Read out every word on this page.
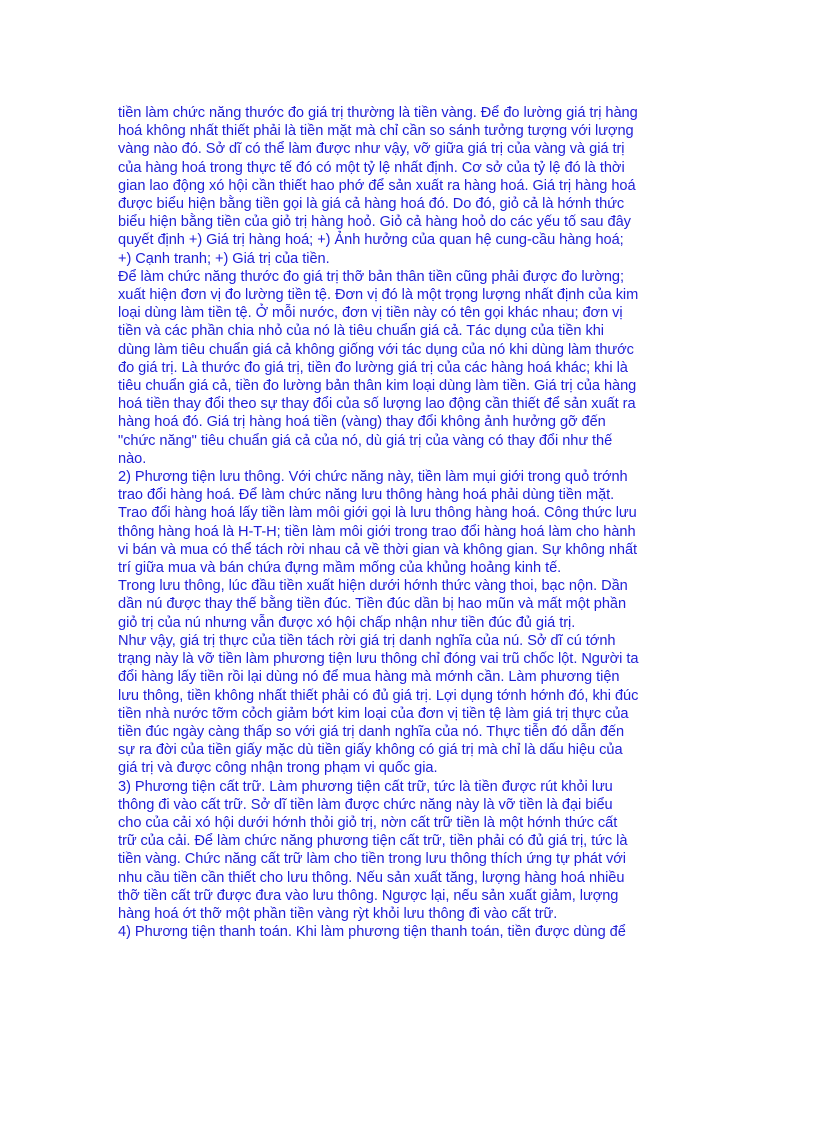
tiền làm chức năng thước đo giá trị thường là tiền vàng. Để đo lường giá trị hàng
hoá không nhất thiết phải là tiền mặt mà chỉ cần so sánh tưởng tượng với lượng
vàng nào đó. Sở dĩ có thể làm được như vậy, vỡ giữa giá trị của vàng và giá trị
của hàng hoá trong thực tế đó có một tỷ lệ nhất định. Cơ sở của tỷ lệ đó là thời
gian lao động xó hội cần thiết hao phớ để sản xuất ra hàng hoá. Giá trị hàng hoá
được biểu hiện bằng tiền gọi là giá cả hàng hoá đó. Do đó, giỏ cả là hớnh thức
biểu hiện bằng tiền của giỏ trị hàng hoỏ. Giỏ cả hàng hoỏ do các yếu tố sau đây
quyết định +) Giá trị hàng hoá; +) Ảnh hưởng của quan hệ cung-cầu hàng hoá;
+) Cạnh tranh; +) Giá trị của tiền.
Để làm chức năng thước đo giá trị thỡ bản thân tiền cũng phải được đo lường;
xuất hiện đơn vị đo lường tiền tệ. Đơn vị đó là một trọng lượng nhất định của kim
loại dùng làm tiền tệ. Ở mỗi nước, đơn vị tiền này có tên gọi khác nhau; đơn vị
tiền và các phần chia nhỏ của nó là tiêu chuẩn giá cả. Tác dụng của tiền khi
dùng làm tiêu chuẩn giá cả không giống với tác dụng của nó khi dùng làm thước
đo giá trị. Là thước đo giá trị, tiền đo lường giá trị của các hàng hoá khác; khi là
tiêu chuẩn giá cả, tiền đo lường bản thân kim loại dùng làm tiền. Giá trị của hàng
hoá tiền thay đổi theo sự thay đổi của số lượng lao động cần thiết để sản xuất ra
hàng hoá đó. Giá trị hàng hoá tiền (vàng) thay đổi không ảnh hưởng gỡ đến
"chức năng" tiêu chuẩn giá cả của nó, dù giá trị của vàng có thay đổi như thế
nào.
2) Phương tiện lưu thông. Với chức năng này, tiền làm mụi giới trong quỏ trớnh
trao đổi hàng hoá. Để làm chức năng lưu thông hàng hoá phải dùng tiền mặt.
Trao đổi hàng hoá lấy tiền làm môi giới gọi là lưu thông hàng hoá. Công thức lưu
thông hàng hoá là H-T-H; tiền làm môi giới trong trao đổi hàng hoá làm cho hành
vi bán và mua có thể tách rời nhau cả về thời gian và không gian. Sự không nhất
trí giữa mua và bán chứa đựng mầm mống của khủng hoảng kinh tế.
Trong lưu thông, lúc đầu tiền xuất hiện dưới hớnh thức vàng thoi, bạc nộn. Dần
dần nú được thay thế bằng tiền đúc. Tiền đúc dần bị hao mũn và mất một phần
giỏ trị của nú nhưng vẫn được xó hội chấp nhận như tiền đúc đủ giá trị.
Như vậy, giá trị thực của tiền tách rời giá trị danh nghĩa của nú. Sở dĩ cú tớnh
trạng này là vỡ tiền làm phương tiện lưu thông chỉ đóng vai trũ chốc lột. Người ta
đổi hàng lấy tiền rồi lại dùng nó để mua hàng mà mớnh cần. Làm phương tiện
lưu thông, tiền không nhất thiết phải có đủ giá trị. Lợi dụng tớnh hớnh đó, khi đúc
tiền nhà nước tỡm cỏch giảm bớt kim loại của đơn vị tiền tệ làm giá trị thực của
tiền đúc ngày càng thấp so với giá trị danh nghĩa của nó. Thực tiễn đó dẫn đến
sự ra đời của tiền giấy mặc dù tiền giấy không có giá trị mà chỉ là dấu hiệu của
giá trị và được công nhận trong phạm vi quốc gia.
3) Phương tiện cất trữ. Làm phương tiện cất trữ, tức là tiền được rút khỏi lưu
thông đi vào cất trữ. Sở dĩ tiền làm được chức năng này là vỡ tiền là đại biểu
cho của cải xó hội dưới hớnh thỏi giỏ trị, nờn cất trữ tiền là một hớnh thức cất
trữ của cải. Để làm chức năng phương tiện cất trữ, tiền phải có đủ giá trị, tức là
tiền vàng. Chức năng cất trữ làm cho tiền trong lưu thông thích ứng tự phát với
nhu cầu tiền cần thiết cho lưu thông. Nếu sản xuất tăng, lượng hàng hoá nhiều
thỡ tiền cất trữ được đưa vào lưu thông. Ngược lại, nếu sản xuất giảm, lượng
hàng hoá ớt thỡ một phần tiền vàng rỳt khỏi lưu thông đi vào cất trữ.
4) Phương tiện thanh toán. Khi làm phương tiện thanh toán, tiền được dùng để
